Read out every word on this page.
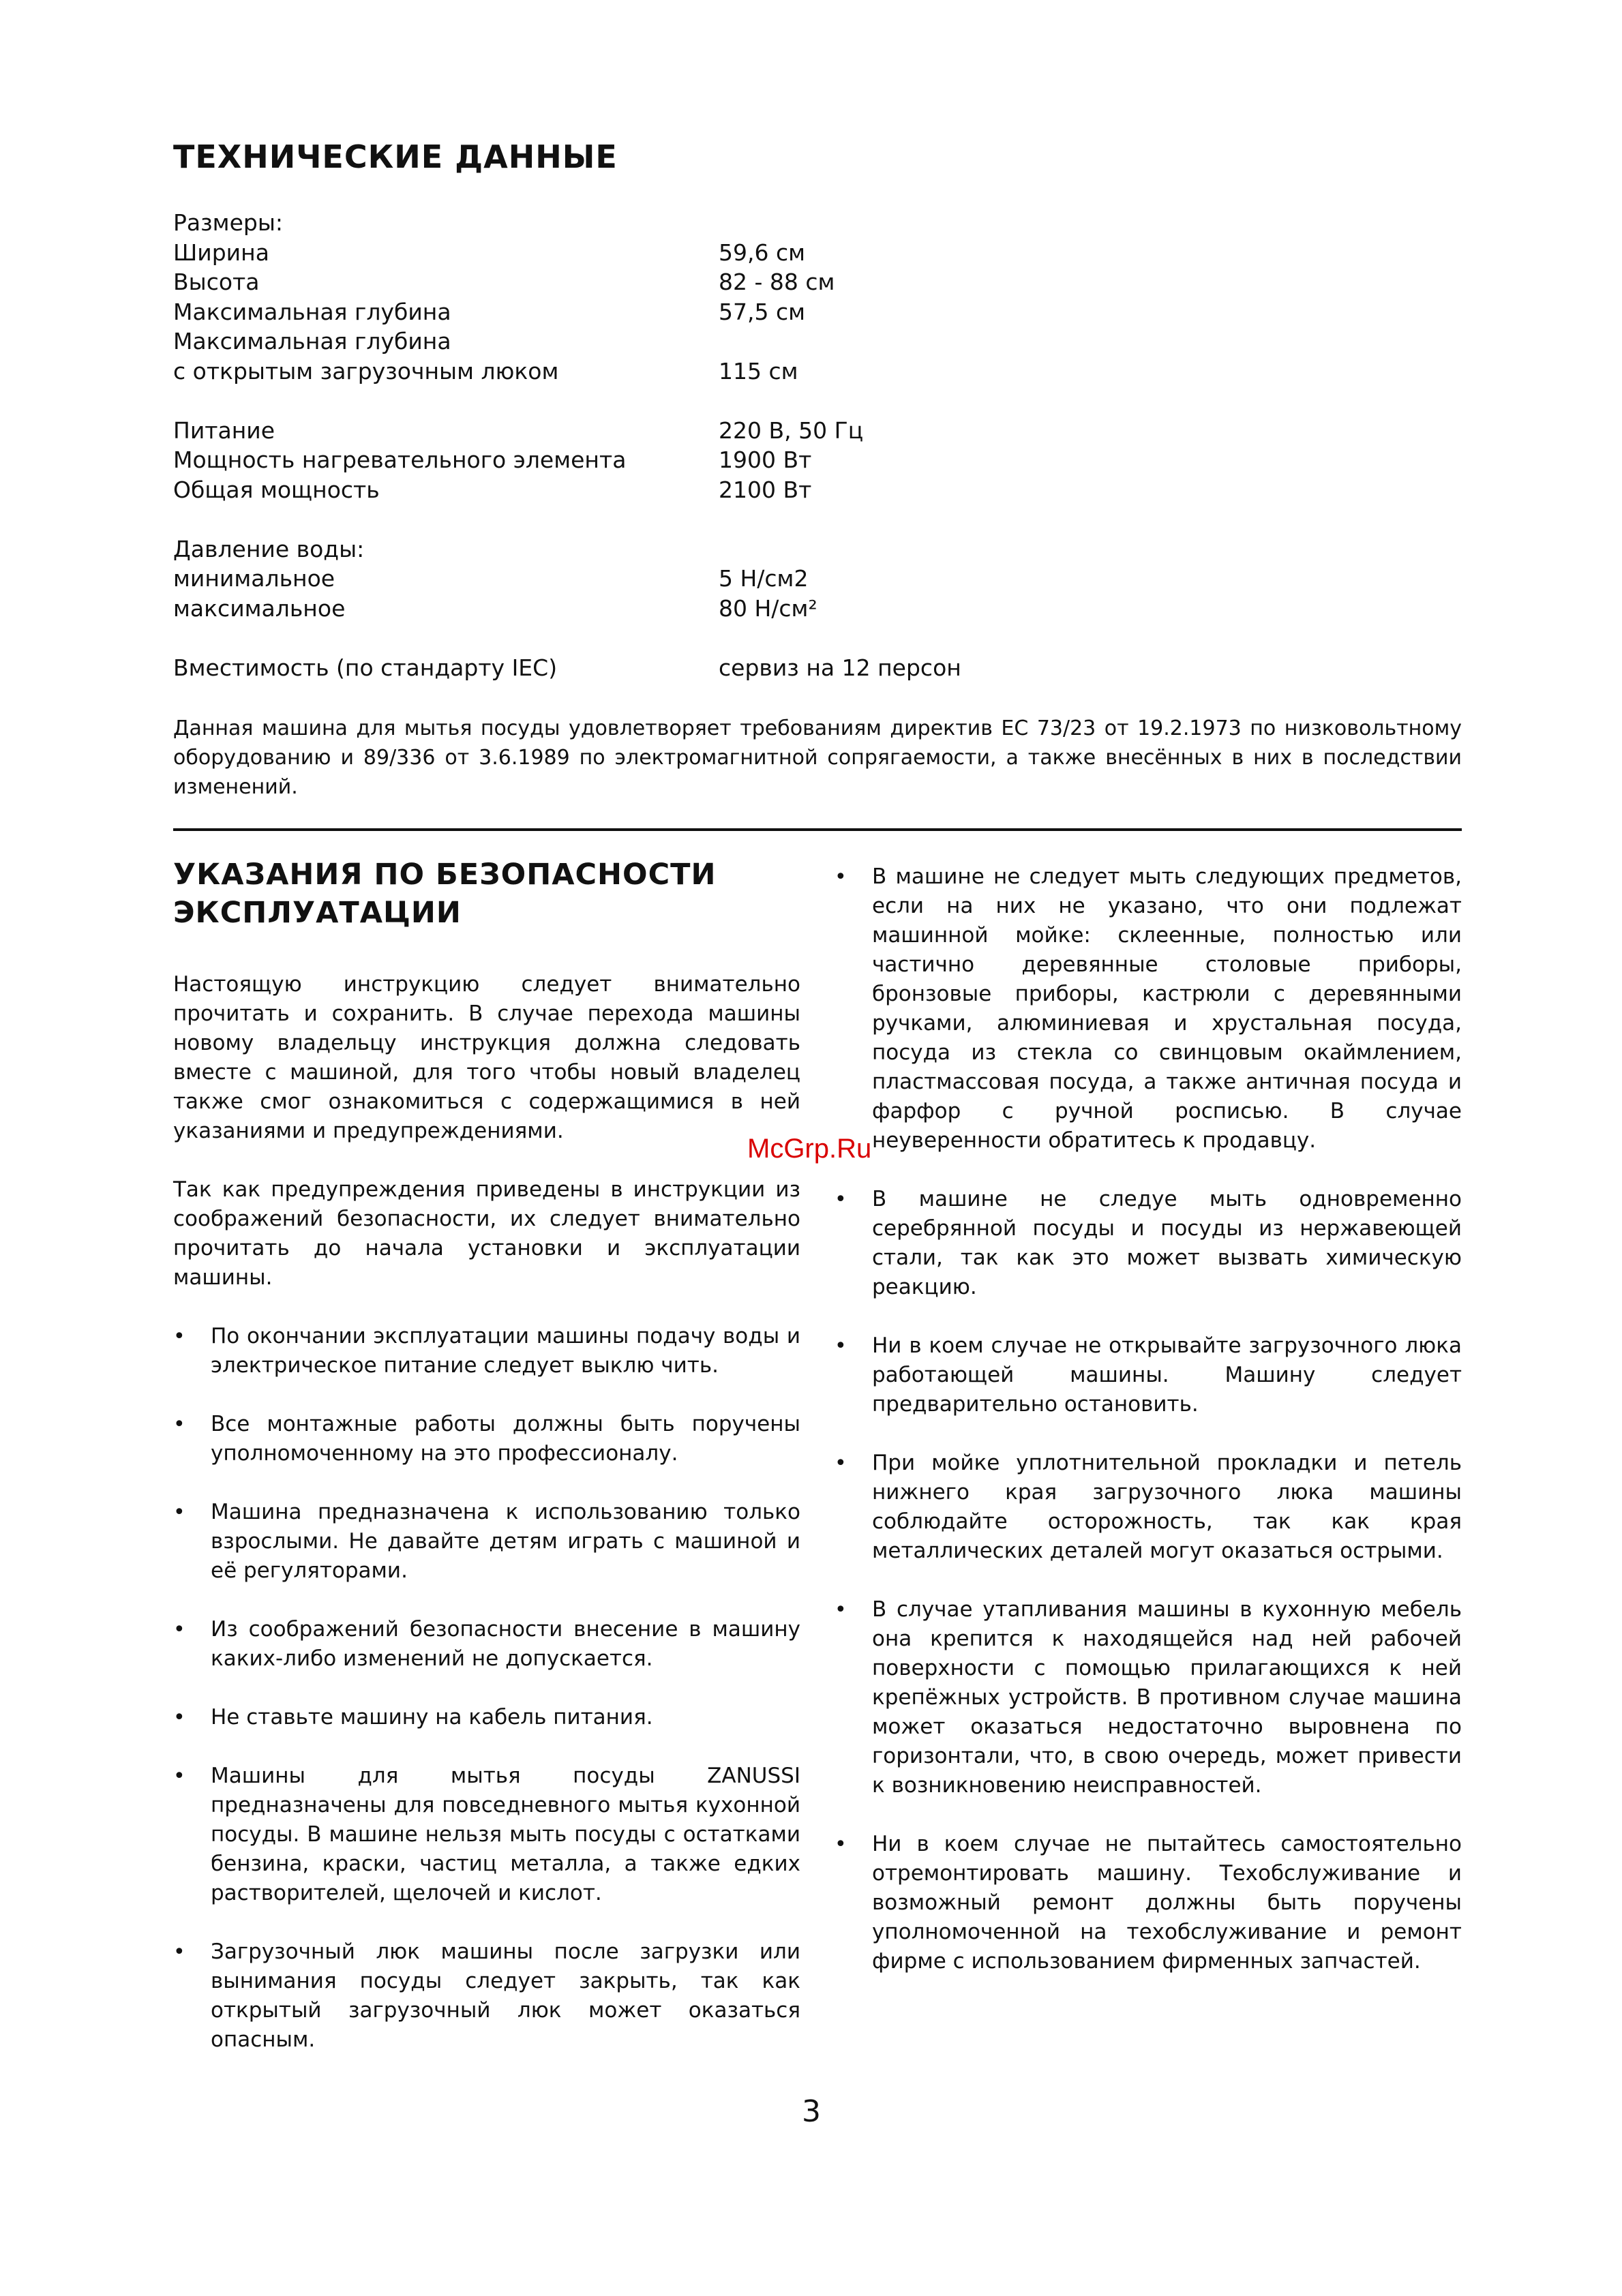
ТЕХНИЧЕСКИЕ ДАННЫЕ
Размеры:
Ширина	59,6 см
Высота	82 - 88 см
Максимальная глубина	57,5 см
Максимальная глубина
с открытым загрузочным люком	115 см
Питание	220 В, 50 Гц
Мощность нагревательного элемента	1900 Вт
Общая мощность	2100 Вт
Давление воды:
минимальное	5 Н/см2
максимальное	80 Н/см²
Вместимость (по стандарту IEC)	сервиз на 12 персон

Данная машина для мытья посуды удовлетворяет требованиям директив ЕС 73/23 от 19.2.1973 по низковольтному оборудованию и 89/336 от 3.6.1989 по электромагнитной сопрягаемости, а также внесённых в них в последствии изменений.

УКАЗАНИЯ ПО БЕЗОПАСНОСТИ
ЭКСПЛУАТАЦИИ

Настоящую инструкцию следует внимательно прочитать и сохранить. В случае перехода машины новому владельцу инструкция должна следовать вместе с машиной, для того чтобы новый владелец также смог ознакомиться с содержащимися в ней указаниями и предупреждениями.

Так как предупреждения приведены в инструкции из соображений безопасности, их следует внимательно прочитать до начала установки и эксплуатации машины.

• По окончании эксплуатации машины подачу воды и электрическое питание следует выклю чить.
• Все монтажные работы должны быть поручены уполномоченному на это профессионалу.
• Машина предназначена к использованию только взрослыми. Не давайте детям играть с машиной и её регуляторами.
• Из соображений безопасности внесение в машину каких-либо изменений не допускается.
• Не ставьте машину на кабель питания.
• Машины для мытья посуды ZANUSSI предназначены для повседневного мытья кухонной посуды. В машине нельзя мыть посуды с остатками бензина, краски, частиц металла, а также едких растворителей, щелочей и кислот.
• Загрузочный люк машины после загрузки или вынимания посуды следует закрыть, так как открытый загрузочный люк может оказаться опасным.
• В машине не следует мыть следующих предметов, если на них не указано, что они подлежат машинной мойке: склеенные, полностью или частично деревянные столовые приборы, бронзовые приборы, кастрюли с деревянными ручками, алюминиевая и хрустальная посуда, посуда из стекла со свинцовым окаймлением, пластмассовая посуда, а также античная посуда и фарфор с ручной росписью. В случае неуверенности обратитесь к продавцу.
• В машине не следуе мыть одновременно серебрянной посуды и посуды из нержавеющей стали, так как это может вызвать химическую реакцию.
• Ни в коем случае не открывайте загрузочного люка работающей машины. Машину следует предварительно остановить.
• При мойке уплотнительной прокладки и петель нижнего края загрузочного люка машины соблюдайте осторожность, так как края металлических деталей могут оказаться острыми.
• В случае утапливания машины в кухонную мебель она крепится к находящейся над ней рабочей поверхности с помощью прилагающихся к ней крепёжных устройств. В противном случае машина может оказаться недостаточно выровнена по горизонтали, что, в свою очередь, может привести к возникновению неисправностей.
• Ни в коем случае не пытайтесь самостоятельно отремонтировать машину. Техобслуживание и возможный ремонт должны быть поручены уполномоченной на техобслуживание и ремонт фирме с использованием фирменных запчастей.
McGrp.Ru
3
